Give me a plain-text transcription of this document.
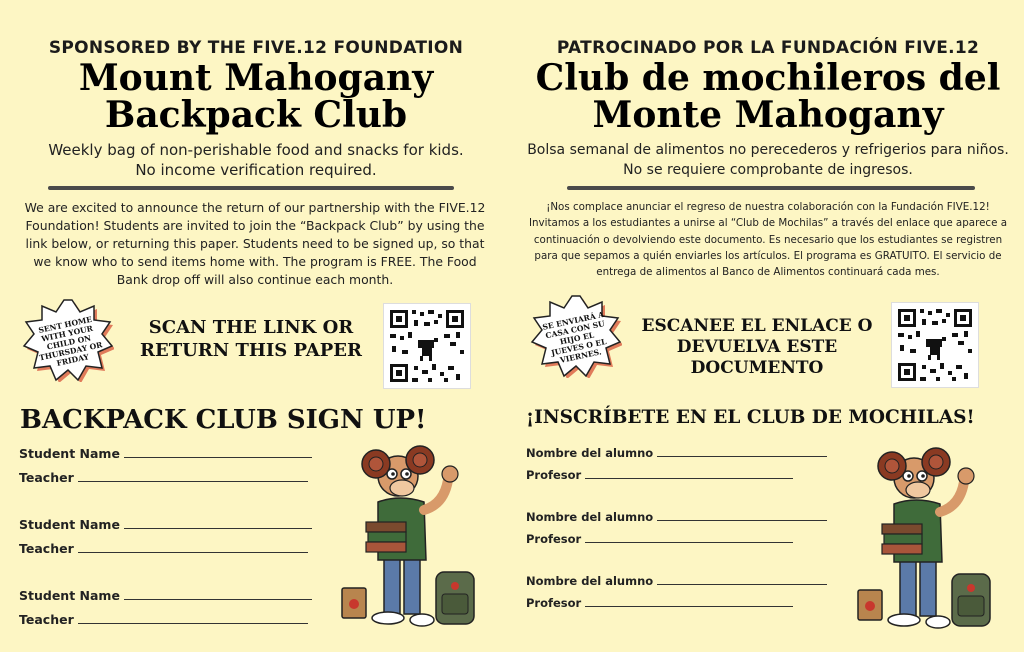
SPONSORED BY THE FIVE.12 FOUNDATION
Mount Mahogany
Backpack Club
Weekly bag of non-perishable food and snacks for kids.
No income verification required.
We are excited to announce the return of our partnership with the FIVE.12 Foundation! Students are invited to join the “Backpack Club” by using the link below, or returning this paper. Students need to be signed up, so that we know who to send items home with. The program is FREE. The Food Bank drop off will also continue each month.
SENT HOME WITH YOUR CHILD ON THURSDAY OR FRIDAY
SCAN THE LINK OR
RETURN THIS PAPER
BACKPACK CLUB SIGN UP!
Student Name
Teacher
Student Name
Teacher
Student Name
Teacher
PATROCINADO POR LA FUNDACIÓN FIVE.12
Club de mochileros del
Monte Mahogany
Bolsa semanal de alimentos no perecederos y refrigerios para niños.
No se requiere comprobante de ingresos.
¡Nos complace anunciar el regreso de nuestra colaboración con la Fundación FIVE.12! Invitamos a los estudiantes a unirse al “Club de Mochilas” a través del enlace que aparece a continuación o devolviendo este documento. Es necesario que los estudiantes se registren para que sepamos a quién enviarles los artículos. El programa es GRATUITO. El servicio de entrega de alimentos al Banco de Alimentos continuará cada mes.
SE ENVIARÁ A CASA CON SU HIJO EL JUEVES O EL VIERNES.
ESCANEE EL ENLACE O
DEVUELVA ESTE
DOCUMENTO
¡INSCRÍBETE EN EL CLUB DE MOCHILAS!
Nombre del alumno
Profesor
Nombre del alumno
Profesor
Nombre del alumno
Profesor
